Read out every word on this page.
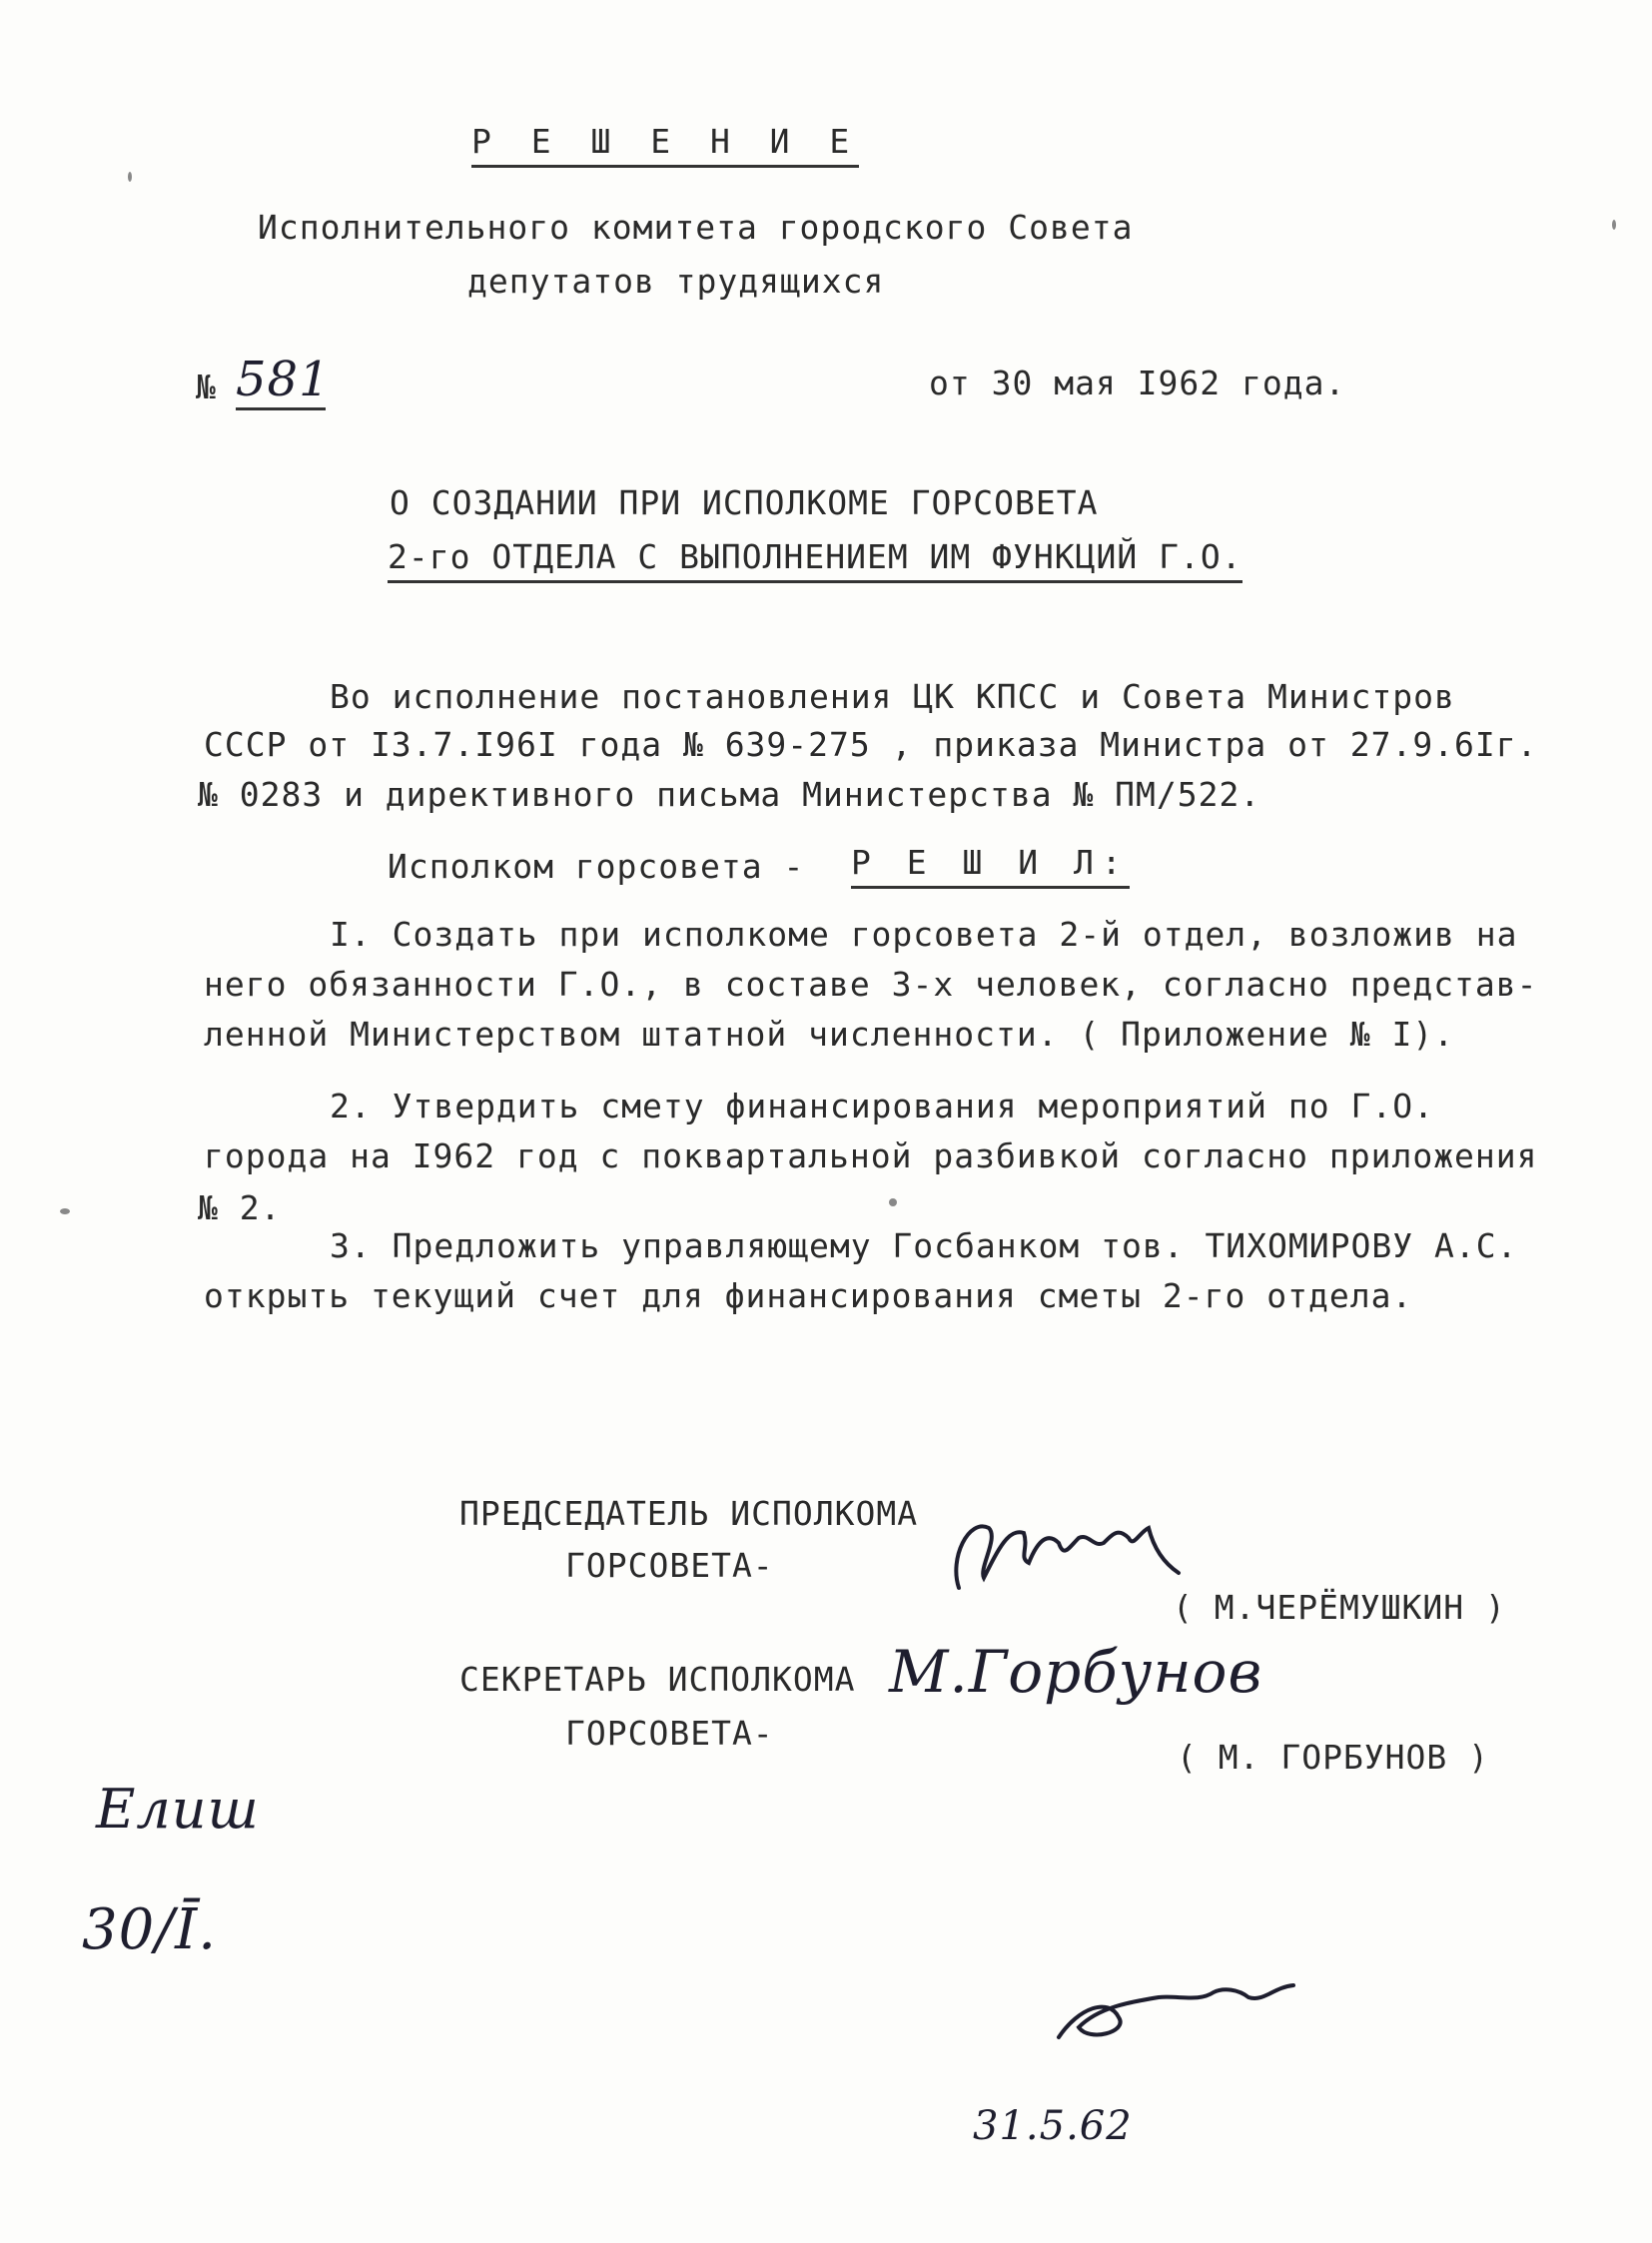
Р Е Ш Е Н И Е
Исполнительного комитета городского Совета
депутатов трудящихся
№ 581	от 30 мая I962 года.
О СОЗДАНИИ ПРИ ИСПОЛКОМЕ ГОРСОВЕТА
2-го ОТДЕЛА С ВЫПОЛНЕНИЕМ ИМ ФУНКЦИЙ Г.О.
Во исполнение постановления ЦК КПСС и Совета Министров
СССР от I3.7.I96I года № 639-275 , приказа Министра от 27.9.6Iг.
№ 0283 и директивного письма Министерства № ПМ/522.
Исполком горсовета - Р Е Ш И Л:
I. Создать при исполкоме горсовета 2-й отдел, возложив на
него обязанности Г.О., в составе 3-х человек, согласно представ-
ленной Министерством штатной численности. ( Приложение № I).
2. Утвердить смету финансирования мероприятий по Г.О.
города на I962 год с поквартальной разбивкой согласно приложения
№ 2.
3. Предложить управляющему Госбанком тов. ТИХОМИРОВУ А.С.
открыть текущий счет для финансирования сметы 2-го отдела.
ПРЕДСЕДАТЕЛЬ ИСПОЛКОМА
ГОРСОВЕТА-
( М.ЧЕРЁМУШКИН )
СЕКРЕТАРЬ ИСПОЛКОМА
ГОРСОВЕТА-
М.Горбунов
( М. ГОРБУНОВ )
Елиш
30/Ī.
31.5.62
